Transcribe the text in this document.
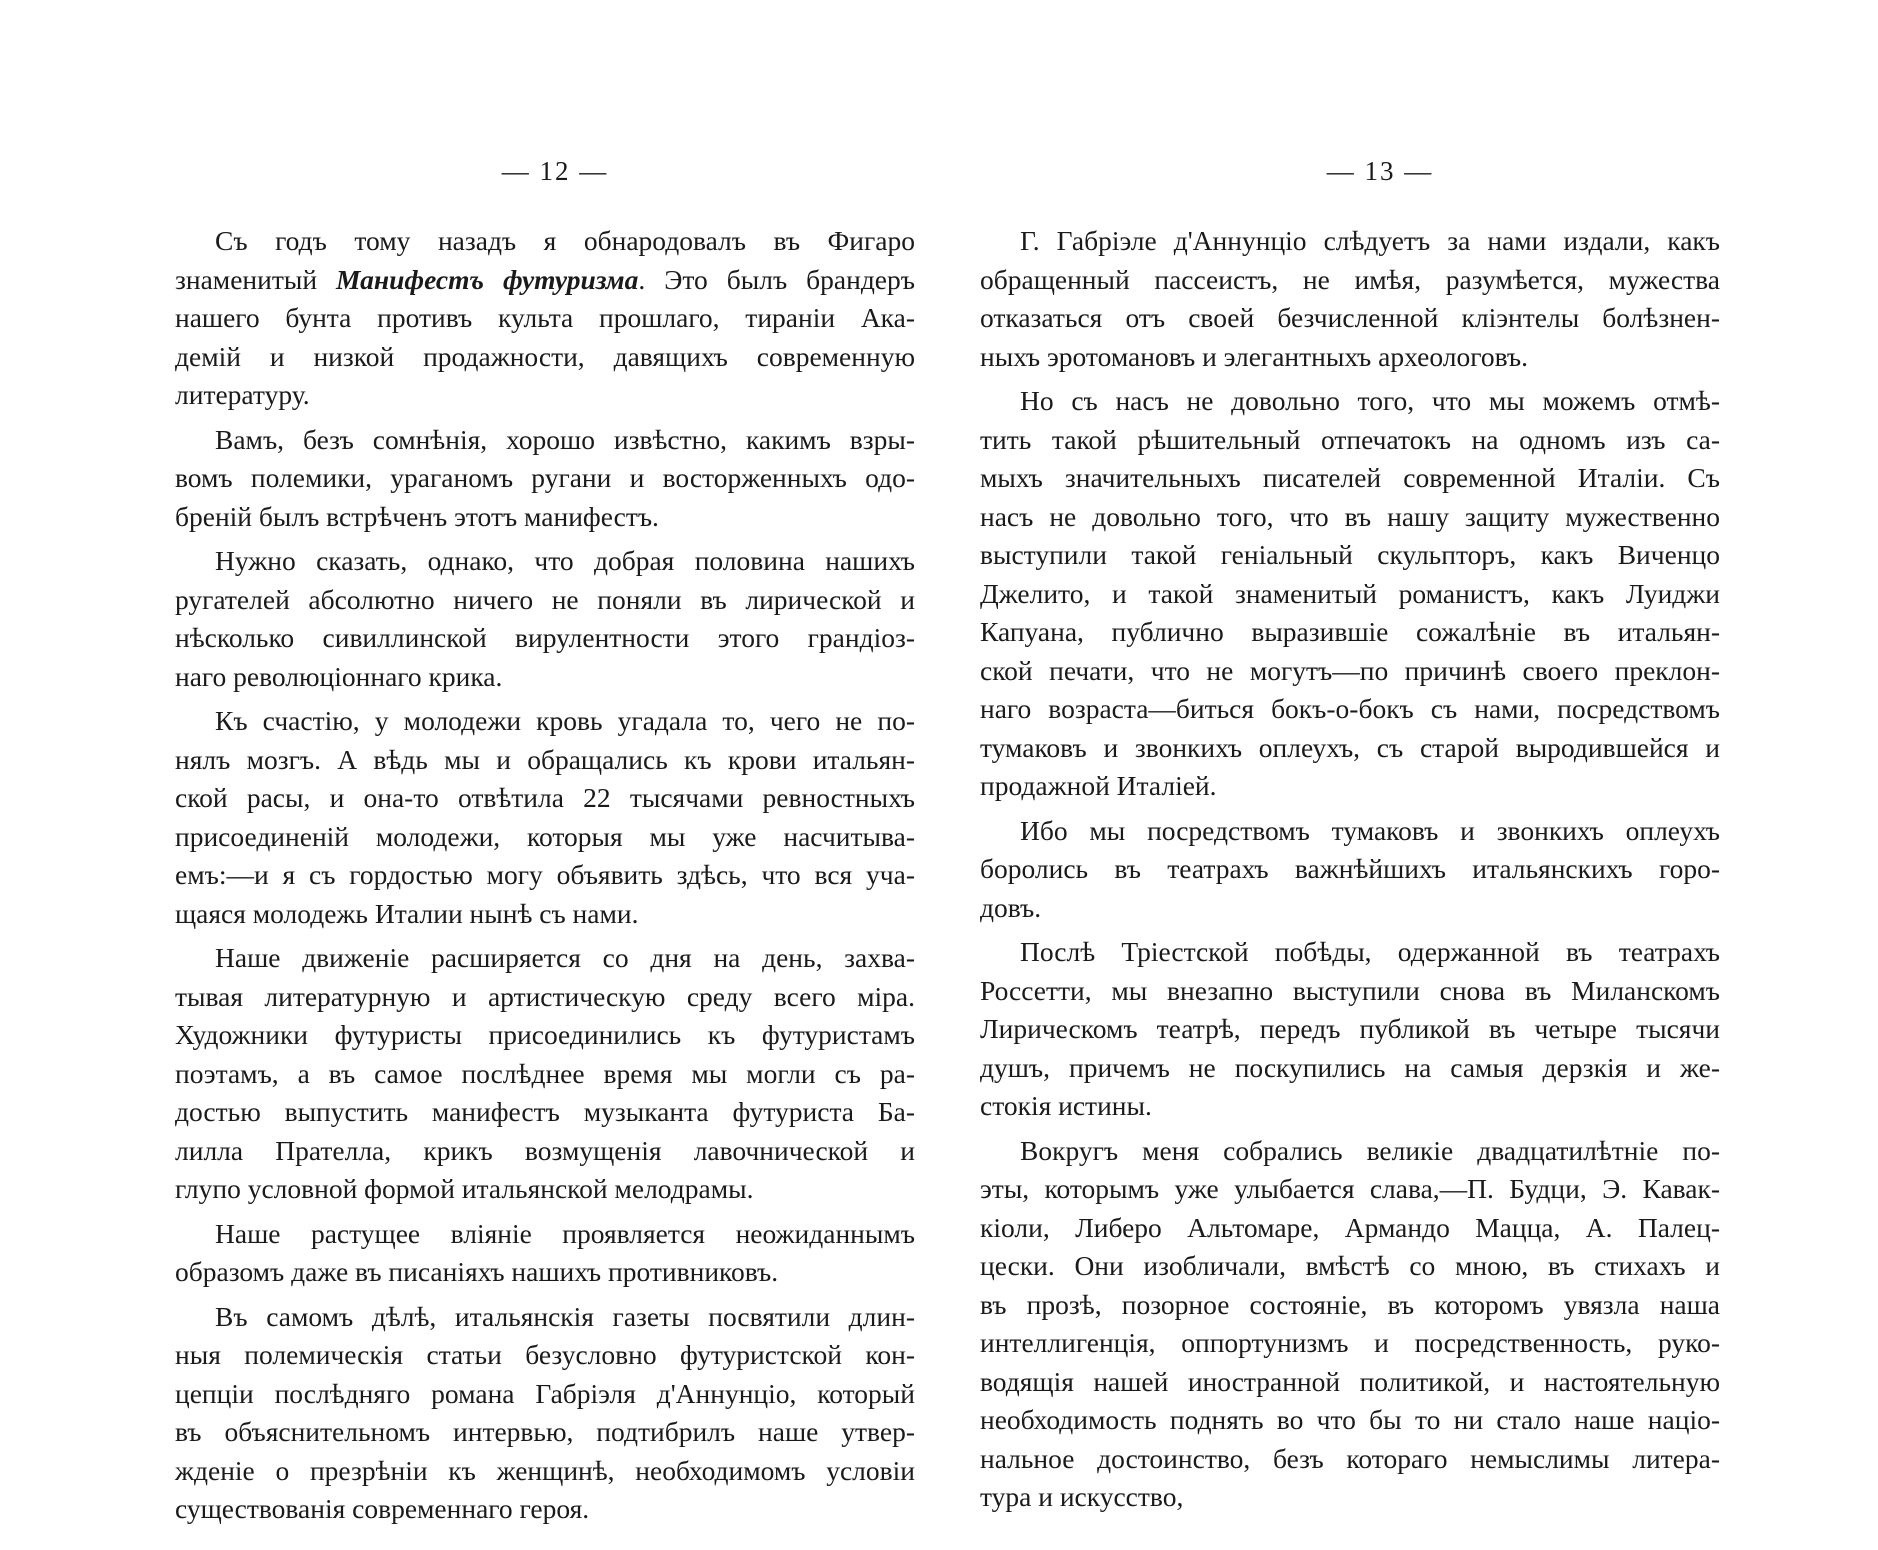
— 12 —
Съ годъ тому назадъ я обнародовалъ въ Фигаро
знаменитый Манифестъ футуризма. Это былъ брандеръ
нашего бунта противъ культа прошлаго, тираніи Ака-
демій и низкой продажности, давящихъ современную
литературу.
Вамъ, безъ сомнѣнія, хорошо извѣстно, какимъ взры-
вомъ полемики, ураганомъ ругани и восторженныхъ одо-
бреній былъ встрѣченъ этотъ манифестъ.
Нужно сказать, однако, что добрая половина нашихъ
ругателей абсолютно ничего не поняли въ лирической и
нѣсколько сивиллинской вирулентности этого грандіоз-
наго революціоннаго крика.
Къ счастію, у молодежи кровь угадала то, чего не по-
нялъ мозгъ. А вѣдь мы и обращались къ крови итальян-
ской расы, и она-то отвѣтила 22 тысячами ревностныхъ
присоединеній молодежи, которыя мы уже насчитыва-
емъ:—и я съ гордостью могу объявить здѣсь, что вся уча-
щаяся молодежь Италии нынѣ съ нами.
Наше движеніе расширяется со дня на день, захва-
тывая литературную и артистическую среду всего міра.
Художники футуристы присоединились къ футуристамъ
поэтамъ, а въ самое послѣднее время мы могли съ ра-
достью выпустить манифестъ музыканта футуриста Ба-
лилла Прателла, крикъ возмущенія лавочнической и
глупо условной формой итальянской мелодрамы.
Наше растущее вліяніе проявляется неожиданнымъ
образомъ даже въ писаніяхъ нашихъ противниковъ.
Въ самомъ дѣлѣ, итальянскія газеты посвятили длин-
ныя полемическія статьи безусловно футуристской кон-
цепціи послѣдняго романа Габріэля д'Аннунціо, который
въ объяснительномъ интервью, подтибрилъ наше утвер-
жденіе о презрѣніи къ женщинѣ, необходимомъ условіи
существованія современнаго героя.
— 13 —
Г. Габріэле д'Аннунціо слѣдуетъ за нами издали, какъ
обращенный пассеистъ, не имѣя, разумѣется, мужества
отказаться отъ своей безчисленной кліэнтелы болѣзнен-
ныхъ эротомановъ и элегантныхъ археологовъ.
Но съ насъ не довольно того, что мы можемъ отмѣ-
тить такой рѣшительный отпечатокъ на одномъ изъ са-
мыхъ значительныхъ писателей современной Италіи. Съ
насъ не довольно того, что въ нашу защиту мужественно
выступили такой геніальный скульпторъ, какъ Виченцо
Джелито, и такой знаменитый романистъ, какъ Луиджи
Капуана, публично выразившіе сожалѣніе въ итальян-
ской печати, что не могутъ—по причинѣ своего преклон-
наго возраста—биться бокъ-о-бокъ съ нами, посредствомъ
тумаковъ и звонкихъ оплеухъ, съ старой выродившейся и
продажной Италіей.
Ибо мы посредствомъ тумаковъ и звонкихъ оплеухъ
боролись въ театрахъ важнѣйшихъ итальянскихъ горо-
довъ.
Послѣ Тріестской побѣды, одержанной въ театрахъ
Россетти, мы внезапно выступили снова въ Миланскомъ
Лирическомъ театрѣ, передъ публикой въ четыре тысячи
душъ, причемъ не поскупились на самыя дерзкія и же-
стокія истины.
Вокругъ меня собрались великіе двадцатилѣтніе по-
эты, которымъ уже улыбается слава,—П. Будци, Э. Кавак-
кіоли, Либеро Альтомаре, Армандо Мацца, А. Палец-
цески. Они изобличали, вмѣстѣ со мною, въ стихахъ и
въ прозѣ, позорное состояніе, въ которомъ увязла наша
интеллигенція, оппортунизмъ и посредственность, руко-
водящія нашей иностранной политикой, и настоятельную
необходимость поднять во что бы то ни стало наше націо-
нальное достоинство, безъ котораго немыслимы литера-
тура и искусство,
